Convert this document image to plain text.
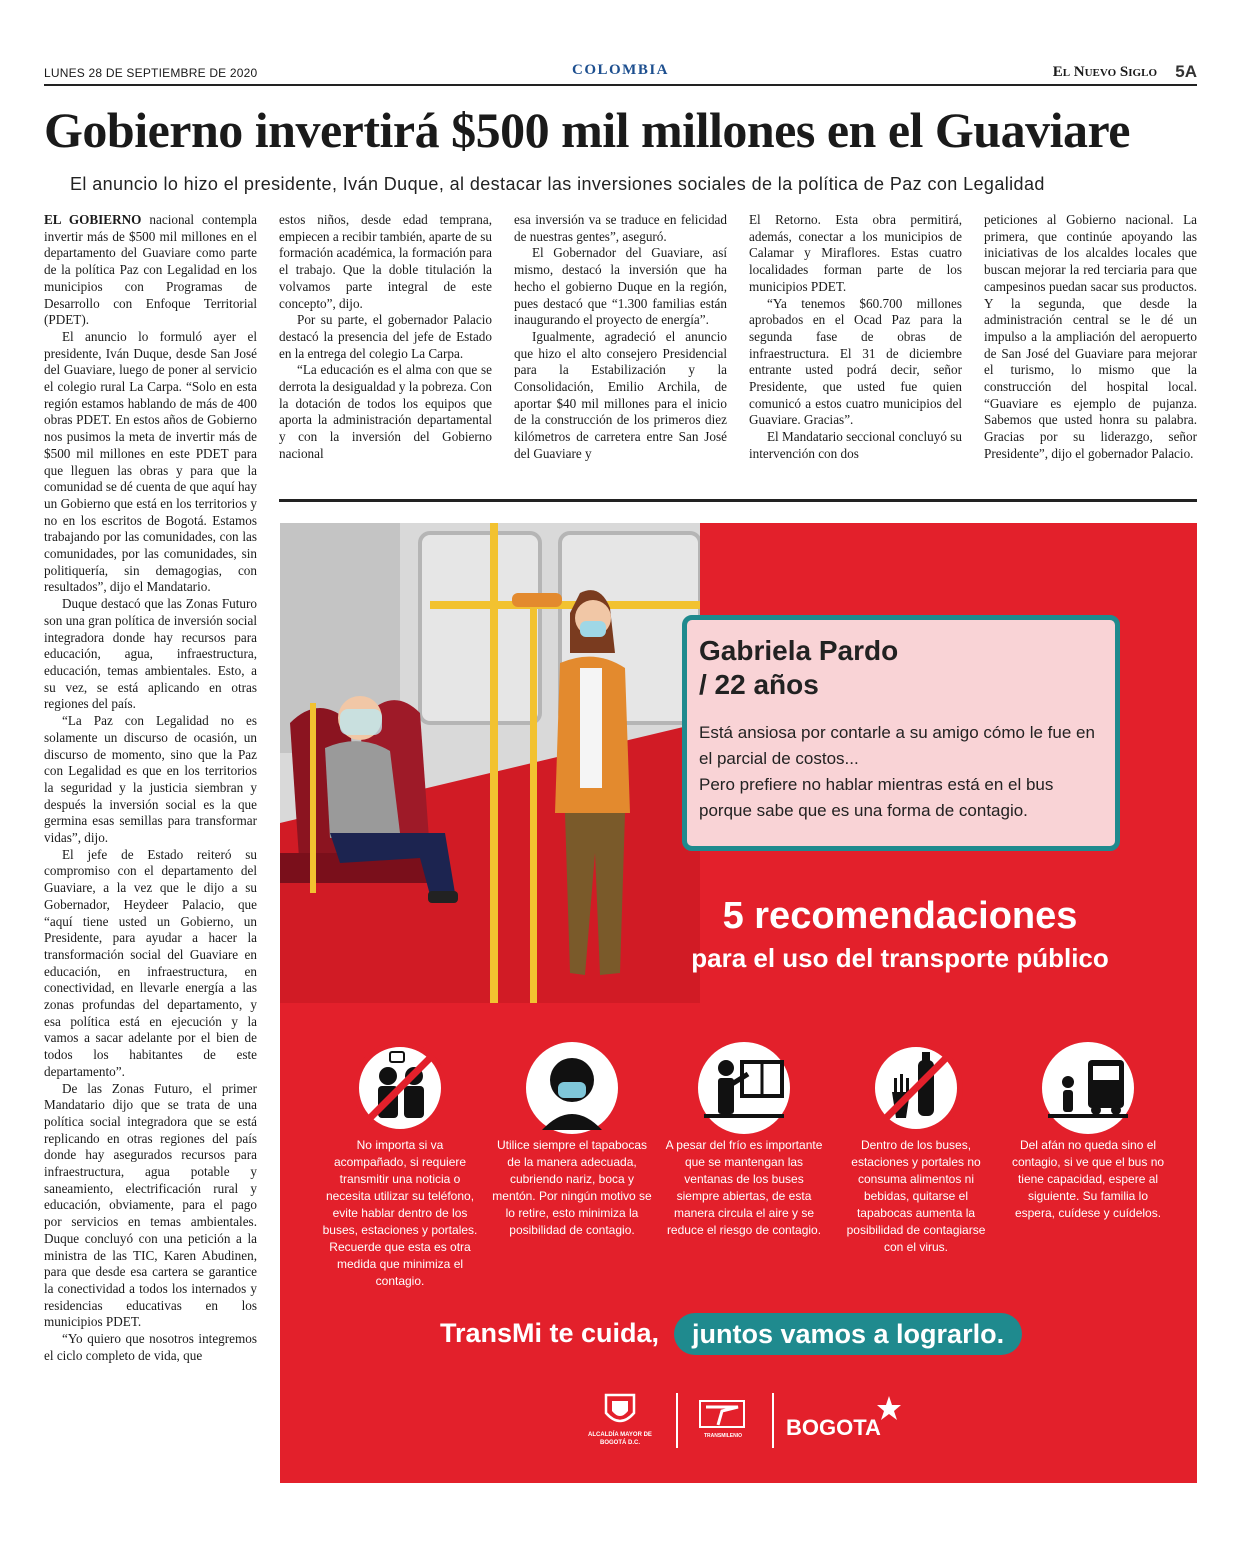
LUNES 28 DE SEPTIEMBRE DE 2020	COLOMBIA	El Nuevo Siglo 5A
Gobierno invertirá $500 mil millones en el Guaviare
El anuncio lo hizo el presidente, Iván Duque, al destacar las inversiones sociales de la política de Paz con Legalidad

EL GOBIERNO nacional contempla invertir más de $500 mil millones en el departamento del Guaviare como parte de la política Paz con Legalidad en los municipios con Programas de Desarrollo con Enfoque Territorial (PDET).

El anuncio lo formuló ayer el presidente, Iván Duque, desde San José del Guaviare, luego de poner al servicio el colegio rural La Carpa. “Solo en esta región estamos hablando de más de 400 obras PDET. En estos años de Gobierno nos pusimos la meta de invertir más de $500 mil millones en este PDET para que lleguen las obras y para que la comunidad se dé cuenta de que aquí hay un Gobierno que está en los territorios y no en los escritos de Bogotá. Estamos trabajando por las comunidades, con las comunidades, por las comunidades, sin politiquería, sin demagogias, con resultados”, dijo el Mandatario.

Duque destacó que las Zonas Futuro son una gran política de inversión social integradora donde hay recursos para educación, agua, infraestructura, educación, temas ambientales. Esto, a su vez, se está aplicando en otras regiones del país.

“La Paz con Legalidad no es solamente un discurso de ocasión, un discurso de momento, sino que la Paz con Legalidad es que en los territorios la seguridad y la justicia siembran y después la inversión social es la que germina esas semillas para transformar vidas”, dijo.

El jefe de Estado reiteró su compromiso con el departamento del Guaviare, a la vez que le dijo a su Gobernador, Heydeer Palacio, que “aquí tiene usted un Gobierno, un Presidente, para ayudar a hacer la transformación social del Guaviare en educación, en infraestructura, en conectividad, en llevarle energía a las zonas profundas del departamento, y esa política está en ejecución y la vamos a sacar adelante por el bien de todos los habitantes de este departamento”.

De las Zonas Futuro, el primer Mandatario dijo que se trata de una política social integradora que se está replicando en otras regiones del país donde hay asegurados recursos para infraestructura, agua potable y saneamiento, electrificación rural y educación, obviamente, para el pago por servicios en temas ambientales. Duque concluyó con una petición a la ministra de las TIC, Karen Abudinen, para que desde esa cartera se garantice la conectividad a todos los internados y residencias educativas en los municipios PDET.

“Yo quiero que nosotros integremos el ciclo completo de vida, que

estos niños, desde edad temprana, empiecen a recibir también, aparte de su formación académica, la formación para el trabajo. Que la doble titulación la volvamos parte integral de este concepto”, dijo.

Por su parte, el gobernador Palacio destacó la presencia del jefe de Estado en la entrega del colegio La Carpa.

“La educación es el alma con que se derrota la desigualdad y la pobreza. Con la dotación de todos los equipos que aporta la administración departamental y con la inversión del Gobierno nacional

esa inversión va se traduce en felicidad de nuestras gentes”, aseguró.

El Gobernador del Guaviare, así mismo, destacó la inversión que ha hecho el gobierno Duque en la región, pues destacó que “1.300 familias están inaugurando el proyecto de energía”.

Igualmente, agradeció el anuncio que hizo el alto consejero Presidencial para la Estabilización y la Consolidación, Emilio Archila, de aportar $40 mil millones para el inicio de la construcción de los primeros diez kilómetros de carretera entre San José del Guaviare y

El Retorno. Esta obra permitirá, además, conectar a los municipios de Calamar y Miraflores. Estas cuatro localidades forman parte de los municipios PDET.

“Ya tenemos $60.700 millones aprobados en el Ocad Paz para la segunda fase de obras de infraestructura. El 31 de diciembre entrante usted podrá decir, señor Presidente, que usted fue quien comunicó a estos cuatro municipios del Guaviare. Gracias”.

El Mandatario seccional concluyó su intervención con dos

peticiones al Gobierno nacional. La primera, que continúe apoyando las iniciativas de los alcaldes locales que buscan mejorar la red terciaria para que campesinos puedan sacar sus productos. Y la segunda, que desde la administración central se le dé un impulso a la ampliación del aeropuerto de San José del Guaviare para mejorar el turismo, lo mismo que la construcción del hospital local. “Guaviare es ejemplo de pujanza. Sabemos que usted honra su palabra. Gracias por su liderazgo, señor Presidente”, dijo el gobernador Palacio.

Gabriela Pardo
/ 22 años
Está ansiosa por contarle a su amigo cómo le fue en el parcial de costos...
Pero prefiere no hablar mientras está en el bus porque sabe que es una forma de contagio.
5 recomendaciones
para el uso del transporte público
No importa si va acompañado, si requiere transmitir una noticia o necesita utilizar su teléfono, evite hablar dentro de los buses, estaciones y portales. Recuerde que esta es otra medida que minimiza el contagio.
Utilice siempre el tapabocas de la manera adecuada, cubriendo nariz, boca y mentón. Por ningún motivo se lo retire, esto minimiza la posibilidad de contagio.
A pesar del frío es importante que se mantengan las ventanas de los buses siempre abiertas, de esta manera circula el aire y se reduce el riesgo de contagio.
Dentro de los buses, estaciones y portales no consuma alimentos ni bebidas, quitarse el tapabocas aumenta la posibilidad de contagiarse con el virus.
Del afán no queda sino el contagio, si ve que el bus no tiene capacidad, espere al siguiente. Su familia lo espera, cuídese y cuídelos.
TransMi te cuida,	juntos vamos a lograrlo.
ALCALDÍA MAYOR DE BOGOTÁ D.C.
TRANSMILENIO	BOGOTA
